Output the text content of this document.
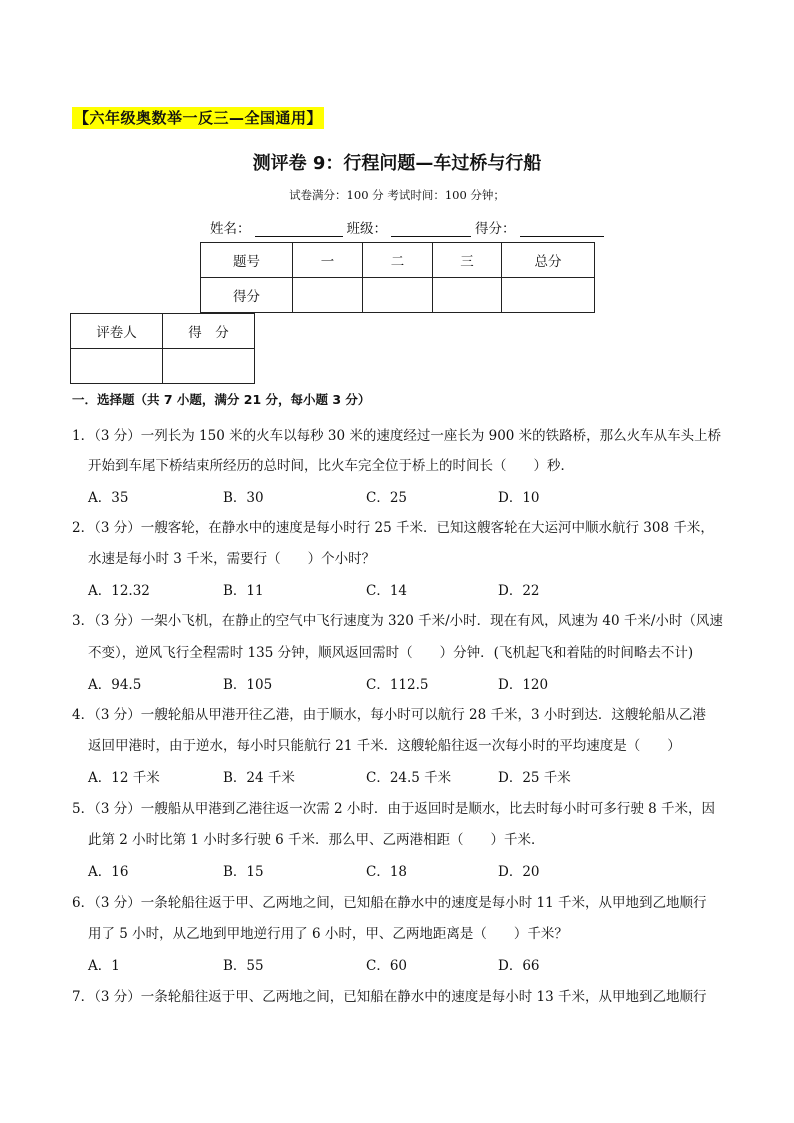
【六年级奥数举一反三—全国通用】
测评卷 9：行程问题—车过桥与行船
试卷满分：100 分 考试时间：100 分钟；
姓名：	班级：	得分：
题号	一	二	三	总分
得分				
评卷人	得　分

一．选择题（共 7 小题，满分 21 分，每小题 3 分）
1．（3 分）一列长为 150 米的火车以每秒 30 米的速度经过一座长为 900 米的铁路桥，那么火车从车头上桥
开始到车尾下桥结束所经历的总时间，比火车完全位于桥上的时间长（　　）秒．
A．35	B．30	C．25	D．10
2．（3 分）一艘客轮，在静水中的速度是每小时行 25 千米．已知这艘客轮在大运河中顺水航行 308 千米，
水速是每小时 3 千米，需要行（　　）个小时？
A．12.32	B．11	C．14	D．22
3．（3 分）一架小飞机，在静止的空气中飞行速度为 320 千米/小时．现在有风，风速为 40 千米/小时（风速
不变），逆风飞行全程需时 135 分钟，顺风返回需时（　　）分钟．(飞机起飞和着陆的时间略去不计)
A．94.5	B．105	C．112.5	D．120
4．（3 分）一艘轮船从甲港开往乙港，由于顺水，每小时可以航行 28 千米，3 小时到达．这艘轮船从乙港
返回甲港时，由于逆水，每小时只能航行 21 千米．这艘轮船往返一次每小时的平均速度是（　　）
A．12 千米	B．24 千米	C．24.5 千米	D．25 千米
5．（3 分）一艘船从甲港到乙港往返一次需 2 小时．由于返回时是顺水，比去时每小时可多行驶 8 千米，因
此第 2 小时比第 1 小时多行驶 6 千米．那么甲、乙两港相距（　　）千米．
A．16	B．15	C．18	D．20
6．（3 分）一条轮船往返于甲、乙两地之间，已知船在静水中的速度是每小时 11 千米，从甲地到乙地顺行
用了 5 小时，从乙地到甲地逆行用了 6 小时，甲、乙两地距离是（　　）千米？
A．1	B．55	C．60	D．66
7．（3 分）一条轮船往返于甲、乙两地之间，已知船在静水中的速度是每小时 13 千米，从甲地到乙地顺行
